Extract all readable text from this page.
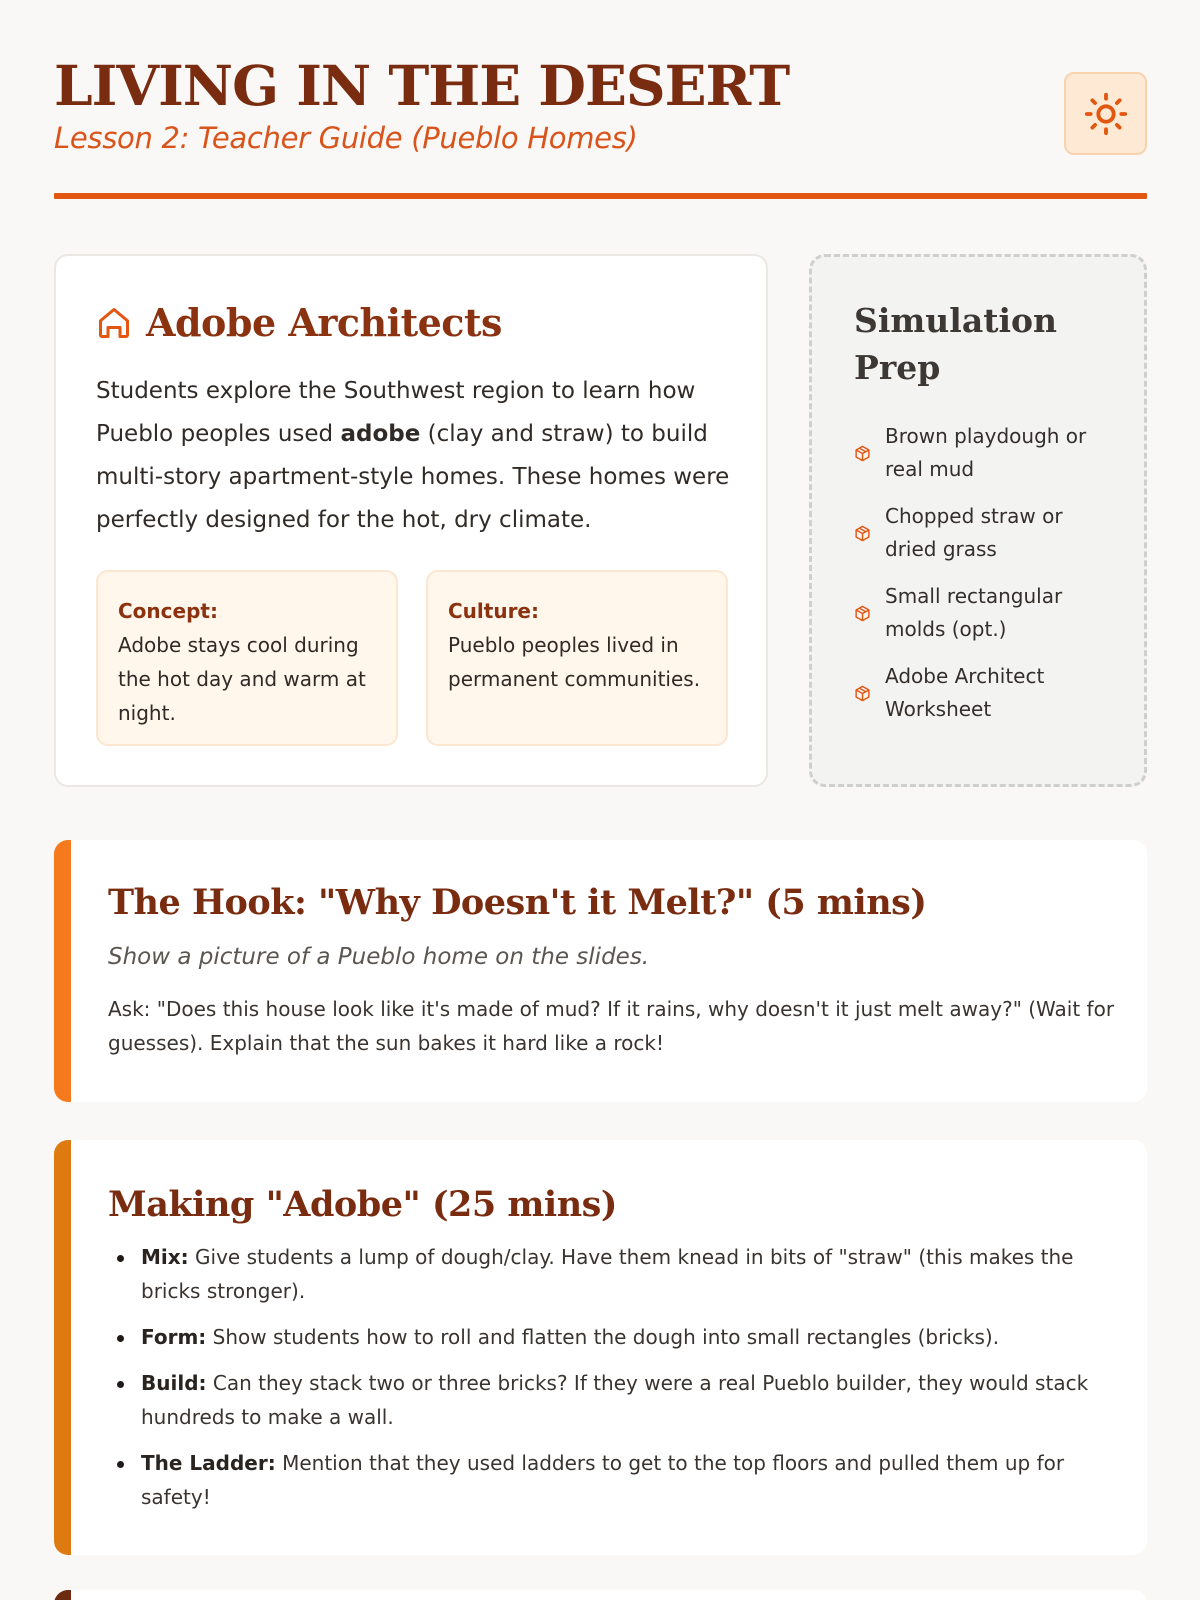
LIVING IN THE DESERT
Lesson 2: Teacher Guide (Pueblo Homes)
Adobe Architects

Students explore the Southwest region to learn how Pueblo peoples used adobe (clay and straw) to build multi-story apartment-style homes. These homes were perfectly designed for the hot, dry climate.

Concept:
Adobe stays cool during the hot day and warm at night.
Culture:
Pueblo peoples lived in permanent communities.
Simulation Prep
Brown playdough or real mud
Chopped straw or dried grass
Small rectangular molds (opt.)
Adobe Architect Worksheet
The Hook: "Why Doesn't it Melt?" (5 mins)

Show a picture of a Pueblo home on the slides.

Ask: "Does this house look like it's made of mud? If it rains, why doesn't it just melt away?" (Wait for guesses). Explain that the sun bakes it hard like a rock!

Making "Adobe" (25 mins)
Mix: Give students a lump of dough/clay. Have them knead in bits of "straw" (this makes the bricks stronger).
Form: Show students how to roll and flatten the dough into small rectangles (bricks).
Build: Can they stack two or three bricks? If they were a real Pueblo builder, they would stack hundreds to make a wall.
The Ladder: Mention that they used ladders to get to the top floors and pulled them up for safety!
